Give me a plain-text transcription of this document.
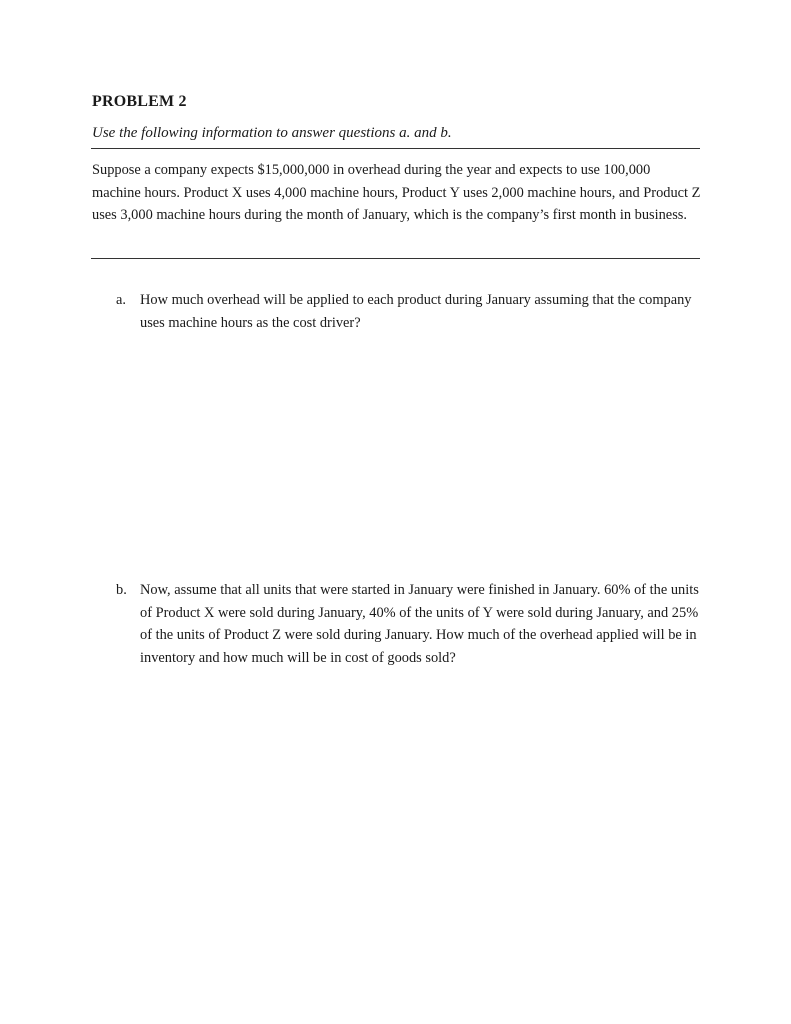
PROBLEM 2
Use the following information to answer questions a. and b.

Suppose a company expects $15,000,000 in overhead during the year and expects to use 100,000 machine hours. Product X uses 4,000 machine hours, Product Y uses 2,000 machine hours, and Product Z uses 3,000 machine hours during the month of January, which is the company’s first month in business.

a. How much overhead will be applied to each product during January assuming that the company uses machine hours as the cost driver?

b. Now, assume that all units that were started in January were finished in January. 60% of the units of Product X were sold during January, 40% of the units of Y were sold during January, and 25% of the units of Product Z were sold during January. How much of the overhead applied will be in inventory and how much will be in cost of goods sold?
